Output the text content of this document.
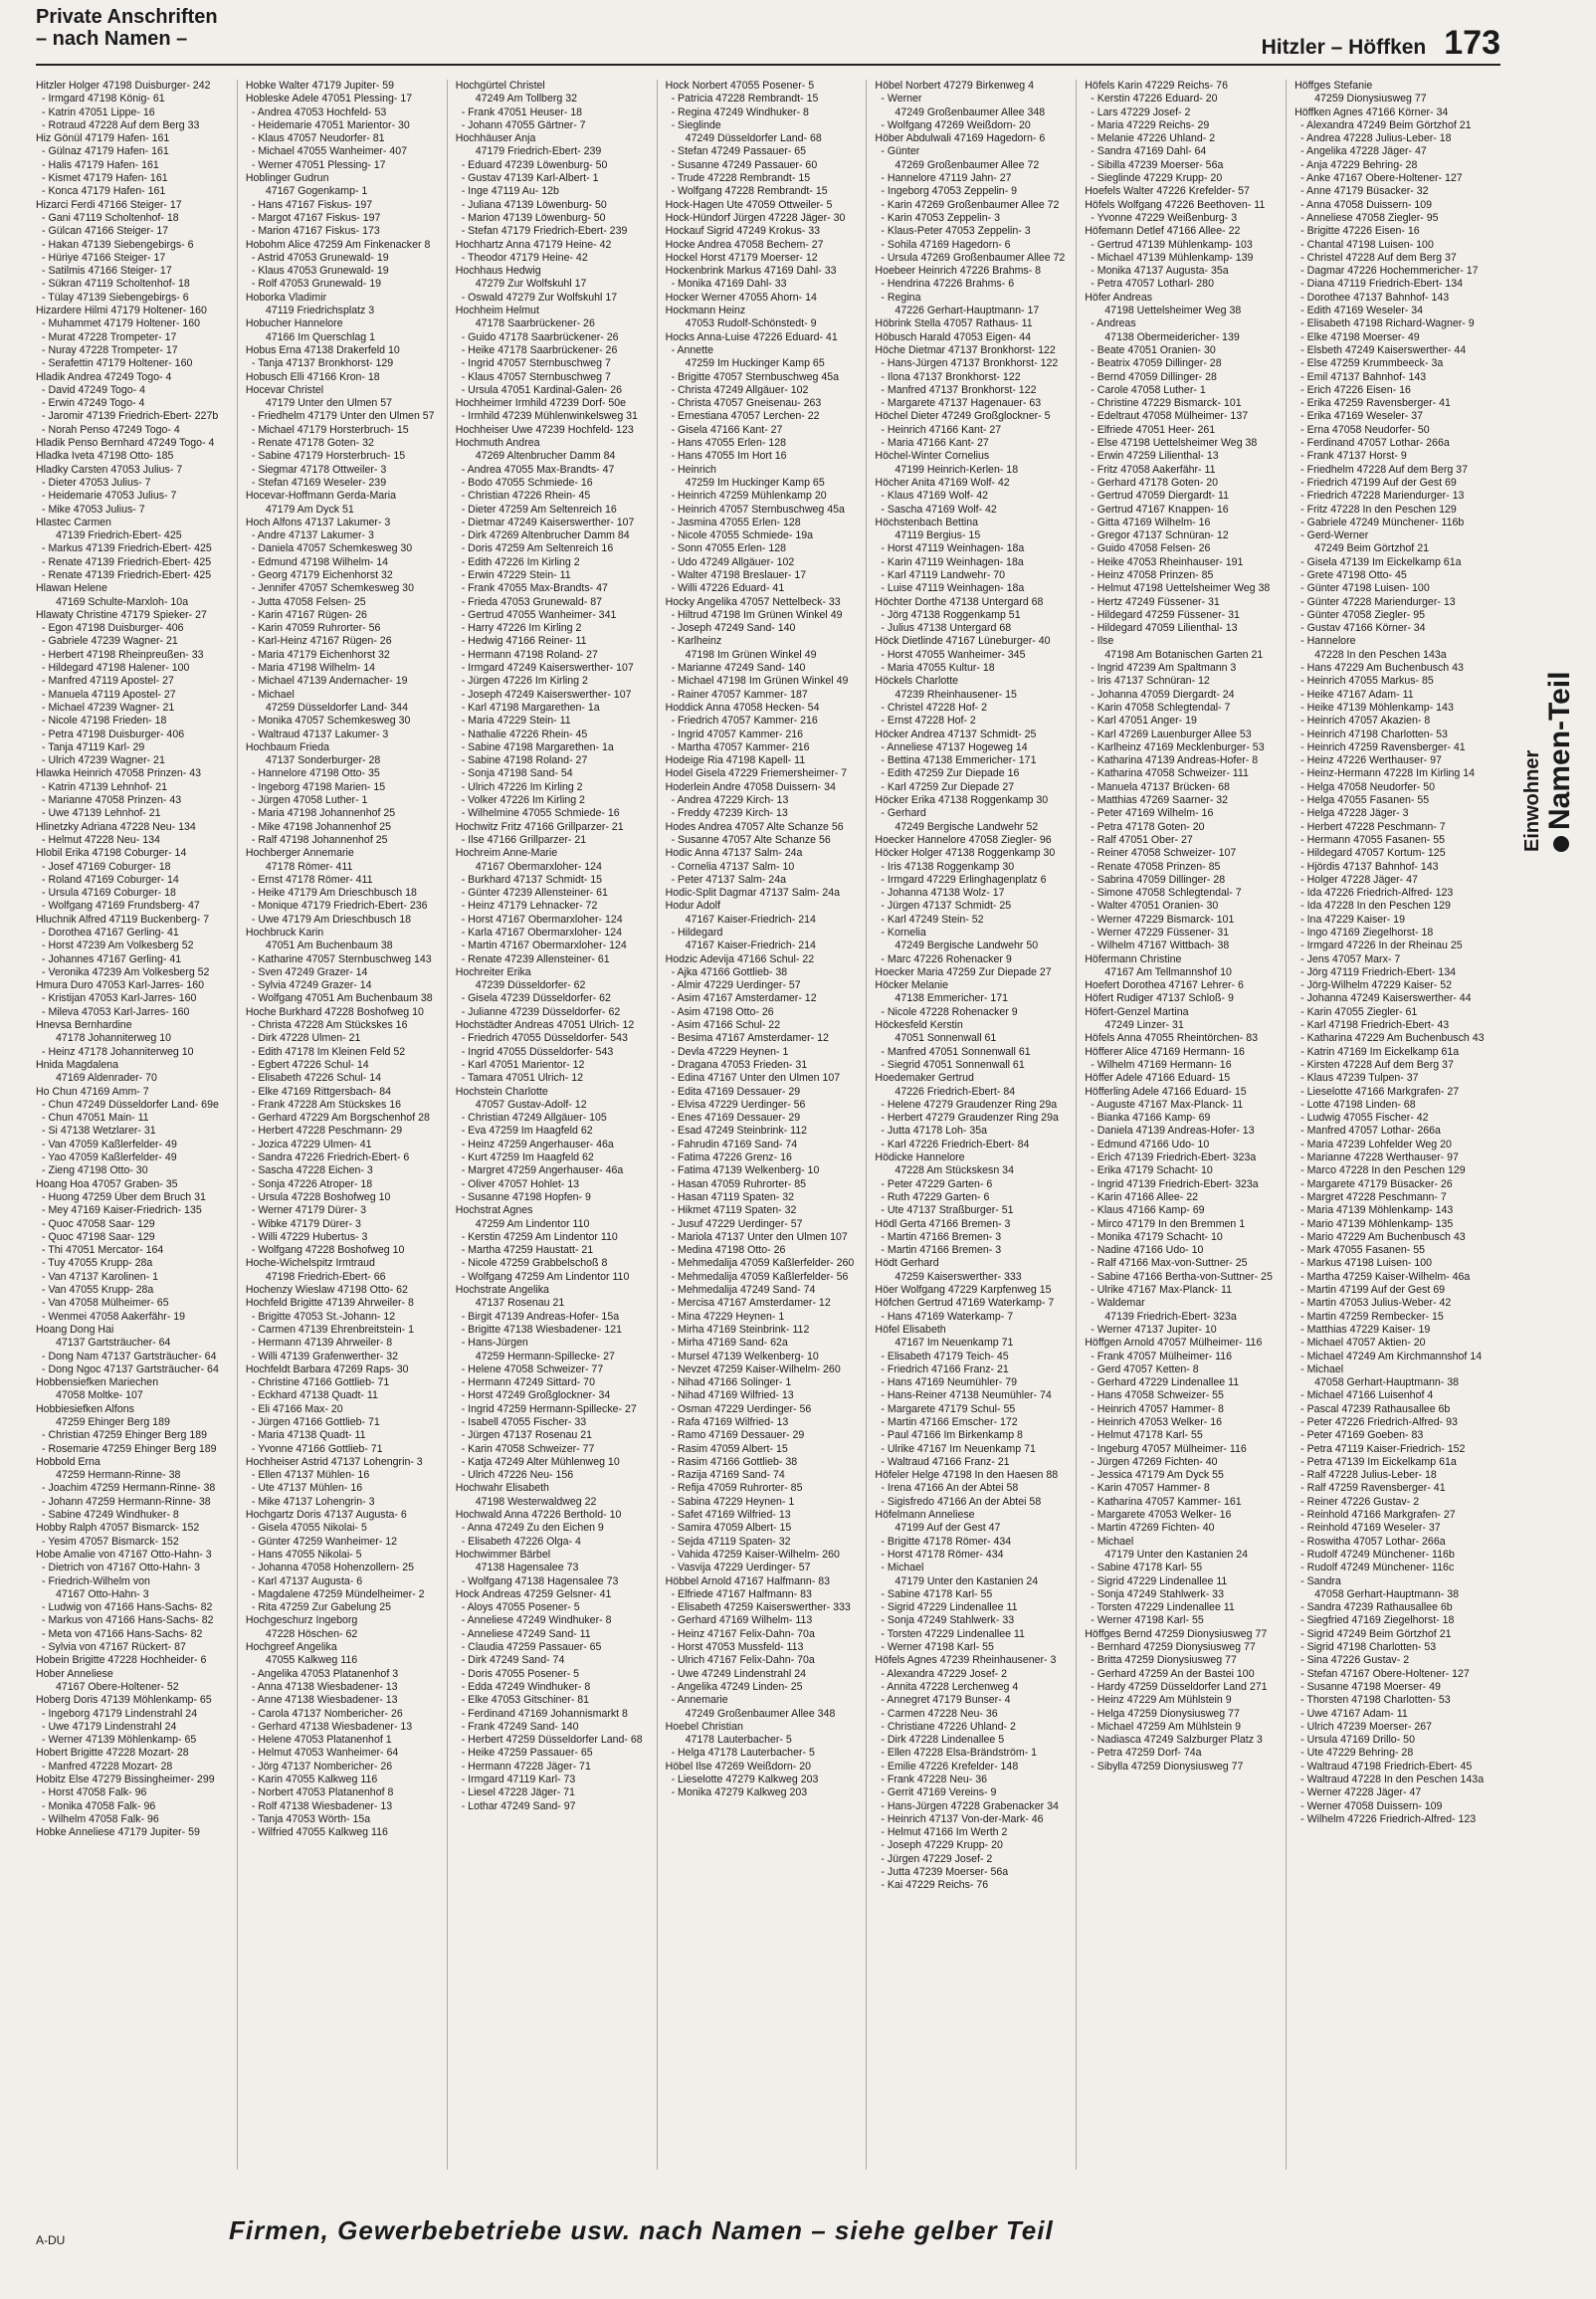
Private Anschriften
– nach Namen –	Hitzler – Höffken 173
Hitzler Holger 47198 Duisburger- 242
- Irmgard 47198 König- 61
- Katrin 47051 Lippe- 16
- Rotraud 47228 Auf dem Berg 33
Hiz Gönül 47179 Hafen- 161
- Gülnaz 47179 Hafen- 161
- Halis 47179 Hafen- 161
- Kismet 47179 Hafen- 161
- Konca 47179 Hafen- 161
Hizarci Ferdi 47166 Steiger- 17
- Gani 47119 Scholtenhof- 18
- Gülcan 47166 Steiger- 17
- Hakan 47139 Siebengebirgs- 6
- Hüriye 47166 Steiger- 17
- Satilmis 47166 Steiger- 17
- Sükran 47119 Scholtenhof- 18
- Tülay 47139 Siebengebirgs- 6
Hizardere Hilmi 47179 Holtener- 160
- Muhammet 47179 Holtener- 160
- Murat 47228 Trompeter- 17
- Nuray 47228 Trompeter- 17
- Serafettin 47179 Holtener- 160
Hladik Andrea 47249 Togo- 4
- David 47249 Togo- 4
- Erwin 47249 Togo- 4
- Jaromir 47139 Friedrich-Ebert- 227b
- Norah Penso 47249 Togo- 4
Hladik Penso Bernhard 47249 Togo- 4
Hladka Iveta 47198 Otto- 185
Hladky Carsten 47053 Julius- 7
- Dieter 47053 Julius- 7
- Heidemarie 47053 Julius- 7
- Mike 47053 Julius- 7
Hlastec Carmen
47139 Friedrich-Ebert- 425
- Markus 47139 Friedrich-Ebert- 425
- Renate 47139 Friedrich-Ebert- 425
- Renate 47139 Friedrich-Ebert- 425
Hlawan Helene
47169 Schulte-Marxloh- 10a
Hlawaty Christine 47179 Spieker- 27
- Egon 47198 Duisburger- 406
- Gabriele 47239 Wagner- 21
- Herbert 47198 Rheinpreußen- 33
- Hildegard 47198 Halener- 100
- Manfred 47119 Apostel- 27
- Manuela 47119 Apostel- 27
- Michael 47239 Wagner- 21
- Nicole 47198 Frieden- 18
- Petra 47198 Duisburger- 406
- Tanja 47119 Karl- 29
- Ulrich 47239 Wagner- 21
Hlawka Heinrich 47058 Prinzen- 43
- Katrin 47139 Lehnhof- 21
- Marianne 47058 Prinzen- 43
- Uwe 47139 Lehnhof- 21
Hlinetzky Adriana 47228 Neu- 134
- Helmut 47228 Neu- 134
Hlobil Erika 47198 Coburger- 14
- Josef 47169 Coburger- 18
- Roland 47169 Coburger- 14
- Ursula 47169 Coburger- 18
- Wolfgang 47169 Frundsberg- 47
Hluchnik Alfred 47119 Buckenberg- 7
- Dorothea 47167 Gerling- 41
- Horst 47239 Am Volkesberg 52
- Johannes 47167 Gerling- 41
- Veronika 47239 Am Volkesberg 52
Hmura Duro 47053 Karl-Jarres- 160
- Kristijan 47053 Karl-Jarres- 160
- Mileva 47053 Karl-Jarres- 160
Hnevsa Bernhardine
47178 Johanniterweg 10
- Heinz 47178 Johanniterweg 10
Hnida Magdalena
47169 Aldenrader- 70
Ho Chun 47169 Amm- 7
- Chun 47249 Düsseldorfer Land- 69e
- Chun 47051 Main- 11
- Si 47138 Wetzlarer- 31
- Van 47059 Kaßlerfelder- 49
- Yao 47059 Kaßlerfelder- 49
- Zieng 47198 Otto- 30
Hoang Hoa 47057 Graben- 35
- Huong 47259 Über dem Bruch 31
- Mey 47169 Kaiser-Friedrich- 135
- Quoc 47058 Saar- 129
- Quoc 47198 Saar- 129
- Thi 47051 Mercator- 164
- Tuy 47055 Krupp- 28a
- Van 47137 Karolinen- 1
- Van 47055 Krupp- 28a
- Van 47058 Mülheimer- 65
- Wenmei 47058 Aakerfähr- 19
Hoang Dong Hai
47137 Gartsträucher- 64
- Dong Nam 47137 Gartsträucher- 64
- Dong Ngoc 47137 Gartsträucher- 64
Hobbensiefken Mariechen
47058 Moltke- 107
Hobbiesiefken Alfons
47259 Ehinger Berg 189
- Christian 47259 Ehinger Berg 189
- Rosemarie 47259 Ehinger Berg 189
Hobbold Erna
47259 Hermann-Rinne- 38
- Joachim 47259 Hermann-Rinne- 38
- Johann 47259 Hermann-Rinne- 38
- Sabine 47249 Windhuker- 8
Hobby Ralph 47057 Bismarck- 152
- Yesim 47057 Bismarck- 152
Hobe Amalie von 47167 Otto-Hahn- 3
- Dietrich von 47167 Otto-Hahn- 3
- Friedrich-Wilhelm von
47167 Otto-Hahn- 3
- Ludwig von 47166 Hans-Sachs- 82
- Markus von 47166 Hans-Sachs- 82
- Meta von 47166 Hans-Sachs- 82
- Sylvia von 47167 Rückert- 87
Hobein Brigitte 47228 Hochheider- 6
Hober Anneliese
47167 Obere-Holtener- 52
Hoberg Doris 47139 Möhlenkamp- 65
- Ingeborg 47179 Lindenstrahl 24
- Uwe 47179 Lindenstrahl 24
- Werner 47139 Möhlenkamp- 65
Hobert Brigitte 47228 Mozart- 28
- Manfred 47228 Mozart- 28
Hobitz Else 47279 Bissingheimer- 299
- Horst 47058 Falk- 96
- Monika 47058 Falk- 96
- Wilhelm 47058 Falk- 96
Hobke Anneliese 47179 Jupiter- 59
Hobke Walter 47179 Jupiter- 59
Hobleske Adele 47051 Plessing- 17
- Andrea 47053 Hochfeld- 53
- Heidemarie 47051 Marientor- 30
- Klaus 47057 Neudorfer- 81
- Michael 47055 Wanheimer- 407
- Werner 47051 Plessing- 17
Hoblinger Gudrun
47167 Gogenkamp- 1
- Hans 47167 Fiskus- 197
- Margot 47167 Fiskus- 197
- Marion 47167 Fiskus- 173
Hobohm Alice 47259 Am Finkenacker 8
- Astrid 47053 Grunewald- 19
- Klaus 47053 Grunewald- 19
- Rolf 47053 Grunewald- 19
Hoborka Vladimir
47119 Friedrichsplatz 3
Hobucher Hannelore
47166 Im Querschlag 1
Hobus Erna 47138 Drakerfeld 10
- Tanja 47137 Bronkhorst- 129
Hobusch Elli 47166 Kron- 18
Hocevar Christel
47179 Unter den Ulmen 57
- Friedhelm 47179 Unter den Ulmen 57
- Michael 47179 Horsterbruch- 15
- Renate 47178 Goten- 32
- Sabine 47179 Horsterbruch- 15
- Siegmar 47178 Ottweiler- 3
- Stefan 47169 Weseler- 239
Hocevar-Hoffmann Gerda-Maria
47179 Am Dyck 51
Hoch Alfons 47137 Lakumer- 3
- Andre 47137 Lakumer- 3
- Daniela 47057 Schemkesweg 30
- Edmund 47198 Wilhelm- 14
- Georg 47179 Eichenhorst 32
- Jennifer 47057 Schemkesweg 30
- Jutta 47058 Felsen- 25
- Karin 47167 Rügen- 26
- Karin 47059 Ruhrorter- 56
- Karl-Heinz 47167 Rügen- 26
- Maria 47179 Eichenhorst 32
- Maria 47198 Wilhelm- 14
- Michael 47139 Andernacher- 19
- Michael
47259 Düsseldorfer Land- 344
- Monika 47057 Schemkesweg 30
- Waltraud 47137 Lakumer- 3
Hochbaum Frieda
47137 Sonderburger- 28
- Hannelore 47198 Otto- 35
- Ingeborg 47198 Marien- 15
- Jürgen 47058 Luther- 1
- Maria 47198 Johannenhof 25
- Mike 47198 Johannenhof 25
- Ralf 47198 Johannenhof 25
Hochberger Annemarie
47178 Römer- 411
- Ernst 47178 Römer- 411
- Heike 47179 Am Drieschbusch 18
- Monique 47179 Friedrich-Ebert- 236
- Uwe 47179 Am Drieschbusch 18
Hochbruck Karin
47051 Am Buchenbaum 38
- Katharine 47057 Sternbuschweg 143
- Sven 47249 Grazer- 14
- Sylvia 47249 Grazer- 14
- Wolfgang 47051 Am Buchenbaum 38
Hoche Burkhard 47228 Boshofweg 10
- Christa 47228 Am Stückskes 16
- Dirk 47228 Ulmen- 21
- Edith 47178 Im Kleinen Feld 52
- Egbert 47226 Schul- 14
- Elisabeth 47226 Schul- 14
- Elke 47169 Rittgersbach- 84
- Frank 47228 Am Stückskes 16
- Gerhard 47229 Am Borgschenhof 28
- Herbert 47228 Peschmann- 29
- Jozica 47229 Ulmen- 41
- Sandra 47226 Friedrich-Ebert- 6
- Sascha 47228 Eichen- 3
- Sonja 47226 Atroper- 18
- Ursula 47228 Boshofweg 10
- Werner 47179 Dürer- 3
- Wibke 47179 Dürer- 3
- Willi 47229 Hubertus- 3
- Wolfgang 47228 Boshofweg 10
Hoche-Wichelspitz Irmtraud
47198 Friedrich-Ebert- 66
Hochenzy Wieslaw 47198 Otto- 62
Hochfeld Brigitte 47139 Ahrweiler- 8
- Brigitte 47053 St.-Johann- 12
- Carmen 47139 Ehrenbreitstein- 1
- Hermann 47139 Ahrweiler- 8
- Willi 47139 Grafenwerther- 32
Hochfeldt Barbara 47269 Raps- 30
- Christine 47166 Gottlieb- 71
- Eckhard 47138 Quadt- 11
- Eli 47166 Max- 20
- Jürgen 47166 Gottlieb- 71
- Maria 47138 Quadt- 11
- Yvonne 47166 Gottlieb- 71
Hochheiser Astrid 47137 Lohengrin- 3
- Ellen 47137 Mühlen- 16
- Ute 47137 Mühlen- 16
- Mike 47137 Lohengrin- 3
Hochgartz Doris 47137 Augusta- 6
- Gisela 47055 Nikolai- 5
- Günter 47259 Wanheimer- 12
- Hans 47055 Nikolai- 5
- Johanna 47058 Hohenzollern- 25
- Karl 47137 Augusta- 6
- Magdalene 47259 Mündelheimer- 2
- Rita 47259 Zur Gabelung 25
Hochgeschurz Ingeborg
47228 Höschen- 62
Hochgreef Angelika
47055 Kalkweg 116
- Angelika 47053 Platanenhof 3
- Anna 47138 Wiesbadener- 13
- Anne 47138 Wiesbadener- 13
- Carola 47137 Nombericher- 26
- Gerhard 47138 Wiesbadener- 13
- Helene 47053 Platanenhof 1
- Helmut 47053 Wanheimer- 64
- Jörg 47137 Nombericher- 26
- Karin 47055 Kalkweg 116
- Norbert 47053 Platanenhof 8
- Rolf 47138 Wiesbadener- 13
- Tanja 47053 Wörth- 15a
- Wilfried 47055 Kalkweg 116
Hochgürtel Christel
47249 Am Tollberg 32
- Frank 47051 Heuser- 18
- Johann 47055 Gärtner- 7
Hochhäuser Anja
47179 Friedrich-Ebert- 239
- Eduard 47239 Löwenburg- 50
- Gustav 47139 Karl-Albert- 1
- Inge 47119 Au- 12b
- Juliana 47139 Löwenburg- 50
- Marion 47139 Löwenburg- 50
- Stefan 47179 Friedrich-Ebert- 239
Hochhartz Anna 47179 Heine- 42
- Theodor 47179 Heine- 42
Hochhaus Hedwig
47279 Zur Wolfskuhl 17
- Oswald 47279 Zur Wolfskuhl 17
Hochheim Helmut
47178 Saarbrückener- 26
- Guido 47178 Saarbrückener- 26
- Heike 47178 Saarbrückener- 26
- Ingrid 47057 Sternbuschweg 7
- Klaus 47057 Sternbuschweg 7
- Ursula 47051 Kardinal-Galen- 26
Hochheimer Irmhild 47239 Dorf- 50e
- Irmhild 47239 Mühlenwinkelsweg 31
Hochheiser Uwe 47239 Hochfeld- 123
Hochmuth Andrea
47269 Altenbrucher Damm 84
- Andrea 47055 Max-Brandts- 47
- Bodo 47055 Schmiede- 16
- Christian 47226 Rhein- 45
- Dieter 47259 Am Seltenreich 16
- Dietmar 47249 Kaiserswerther- 107
- Dirk 47269 Altenbrucher Damm 84
- Doris 47259 Am Seltenreich 16
- Edith 47226 Im Kirling 2
- Erwin 47229 Stein- 11
- Frank 47055 Max-Brandts- 47
- Frieda 47053 Grunewald- 87
- Gertrud 47055 Wanheimer- 341
- Harry 47226 Im Kirling 2
- Hedwig 47166 Reiner- 11
- Hermann 47198 Roland- 27
- Irmgard 47249 Kaiserswerther- 107
- Jürgen 47226 Im Kirling 2
- Joseph 47249 Kaiserswerther- 107
- Karl 47198 Margarethen- 1a
- Maria 47229 Stein- 11
- Nathalie 47226 Rhein- 45
- Sabine 47198 Margarethen- 1a
- Sabine 47198 Roland- 27
- Sonja 47198 Sand- 54
- Ulrich 47226 Im Kirling 2
- Volker 47226 Im Kirling 2
- Wilhelmine 47055 Schmiede- 16
Hochwitz Fritz 47166 Grillparzer- 21
- Ilse 47166 Grillparzer- 21
Hochreim Anne-Marie
47167 Obermarxloher- 124
- Burkhard 47137 Schmidt- 15
- Günter 47239 Allensteiner- 61
- Heinz 47179 Lehnacker- 72
- Horst 47167 Obermarxloher- 124
- Karla 47167 Obermarxloher- 124
- Martin 47167 Obermarxloher- 124
- Renate 47239 Allensteiner- 61
Hochreiter Erika
47239 Düsseldorfer- 62
- Gisela 47239 Düsseldorfer- 62
- Julianne 47239 Düsseldorfer- 62
Hochstädter Andreas 47051 Ulrich- 12
- Friedrich 47055 Düsseldorfer- 543
- Ingrid 47055 Düsseldorfer- 543
- Karl 47051 Marientor- 12
- Tamara 47051 Ulrich- 12
Hochstein Charlotte
47057 Gustav-Adolf- 12
- Christian 47249 Allgäuer- 105
- Eva 47259 Im Haagfeld 62
- Heinz 47259 Angerhauser- 46a
- Kurt 47259 Im Haagfeld 62
- Margret 47259 Angerhauser- 46a
- Oliver 47057 Hohlet- 13
- Susanne 47198 Hopfen- 9
Hochstrat Agnes
47259 Am Lindentor 110
- Kerstin 47259 Am Lindentor 110
- Martha 47259 Haustatt- 21
- Nicole 47259 Grabbelschoß 8
- Wolfgang 47259 Am Lindentor 110
Hochstrate Angelika
47137 Rosenau 21
- Birgit 47139 Andreas-Hofer- 15a
- Brigitte 47138 Wiesbadener- 121
- Hans-Jürgen
47259 Hermann-Spillecke- 27
- Helene 47058 Schweizer- 77
- Hermann 47249 Sittard- 70
- Horst 47249 Großglockner- 34
- Ingrid 47259 Hermann-Spillecke- 27
- Isabell 47055 Fischer- 33
- Jürgen 47137 Rosenau 21
- Karin 47058 Schweizer- 77
- Katja 47249 Alter Mühlenweg 10
- Ulrich 47226 Neu- 156
Hochwahr Elisabeth
47198 Westerwaldweg 22
Hochwald Anna 47226 Berthold- 10
- Anna 47249 Zu den Eichen 9
- Elisabeth 47226 Olga- 4
Hochwimmer Bärbel
47138 Hagensalee 73
- Wolfgang 47138 Hagensalee 73
Hock Andreas 47259 Gelsner- 41
- Aloys 47055 Posener- 5
- Anneliese 47249 Windhuker- 8
- Anneliese 47249 Sand- 11
- Claudia 47259 Passauer- 65
- Dirk 47249 Sand- 74
- Doris 47055 Posener- 5
- Edda 47249 Windhuker- 8
- Elke 47053 Gitschiner- 81
- Ferdinand 47169 Johannismarkt 8
- Frank 47249 Sand- 140
- Herbert 47259 Düsseldorfer Land- 68
- Heike 47259 Passauer- 65
- Hermann 47228 Jäger- 71
- Irmgard 47119 Karl- 73
- Liesel 47228 Jäger- 71
- Lothar 47249 Sand- 97
Hock Norbert 47055 Posener- 5
- Patricia 47228 Rembrandt- 15
- Regina 47249 Windhuker- 8
- Sieglinde
47249 Düsseldorfer Land- 68
- Stefan 47249 Passauer- 65
- Susanne 47249 Passauer- 60
- Trude 47228 Rembrandt- 15
- Wolfgang 47228 Rembrandt- 15
Hock-Hagen Ute 47059 Ottweiler- 5
Hock-Hündorf Jürgen 47228 Jäger- 30
Hockauf Sigrid 47249 Krokus- 33
Hocke Andrea 47058 Bechem- 27
Hockel Horst 47179 Moerser- 12
Hockenbrink Markus 47169 Dahl- 33
- Monika 47169 Dahl- 33
Hocker Werner 47055 Ahorn- 14
Hockmann Heinz
47053 Rudolf-Schönstedt- 9
Hocks Anna-Luise 47226 Eduard- 41
- Annette
47259 Im Huckinger Kamp 65
- Brigitte 47057 Sternbuschweg 45a
- Christa 47249 Allgäuer- 102
- Christa 47057 Gneisenau- 263
- Ernestiana 47057 Lerchen- 22
- Gisela 47166 Kant- 27
- Hans 47055 Erlen- 128
- Hans 47055 Im Hort 16
- Heinrich
47259 Im Huckinger Kamp 65
- Heinrich 47259 Mühlenkamp 20
- Heinrich 47057 Sternbuschweg 45a
- Jasmina 47055 Erlen- 128
- Nicole 47055 Schmiede- 19a
- Sonn 47055 Erlen- 128
- Udo 47249 Allgäuer- 102
- Walter 47198 Breslauer- 17
- Willi 47226 Eduard- 41
Hocky Angelika 47057 Nettelbeck- 33
- Hiltrud 47198 Im Grünen Winkel 49
- Joseph 47249 Sand- 140
- Karlheinz
47198 Im Grünen Winkel 49
- Marianne 47249 Sand- 140
- Michael 47198 Im Grünen Winkel 49
- Rainer 47057 Kammer- 187
Hoddick Anna 47058 Hecken- 54
- Friedrich 47057 Kammer- 216
- Ingrid 47057 Kammer- 216
- Martha 47057 Kammer- 216
Hodeige Ria 47198 Kapell- 11
Hodel Gisela 47229 Friemersheimer- 7
Hoderlein Andre 47058 Duissern- 34
- Andrea 47229 Kirch- 13
- Freddy 47239 Kirch- 13
Hodes Andrea 47057 Alte Schanze 56
- Susanne 47057 Alte Schanze 56
Hodic Anna 47137 Salm- 24a
- Cornelia 47137 Salm- 10
- Peter 47137 Salm- 24a
Hodic-Split Dagmar 47137 Salm- 24a
Hodur Adolf
47167 Kaiser-Friedrich- 214
- Hildegard
47167 Kaiser-Friedrich- 214
Hodzic Adevija 47166 Schul- 22
- Ajka 47166 Gottlieb- 38
- Almir 47229 Uerdinger- 57
- Asim 47167 Amsterdamer- 12
- Asim 47198 Otto- 26
- Asim 47166 Schul- 22
- Besima 47167 Amsterdamer- 12
- Devla 47229 Heynen- 1
- Dragana 47053 Frieden- 31
- Edina 47167 Unter den Ulmen 107
- Edita 47169 Dessauer- 29
- Elvisa 47229 Uerdinger- 56
- Enes 47169 Dessauer- 29
- Esad 47249 Steinbrink- 112
- Fahrudin 47169 Sand- 74
- Fatima 47226 Grenz- 16
- Fatima 47139 Welkenberg- 10
- Hasan 47059 Ruhrorter- 85
- Hasan 47119 Spaten- 32
- Hikmet 47119 Spaten- 32
- Jusuf 47229 Uerdinger- 57
- Mariola 47137 Unter den Ulmen 107
- Medina 47198 Otto- 26
- Mehmedalija 47059 Kaßlerfelder- 260
- Mehmedalija 47059 Kaßlerfelder- 56
- Mehmedalija 47249 Sand- 74
- Mercisa 47167 Amsterdamer- 12
- Mina 47229 Heynen- 1
- Mirha 47169 Steinbrink- 112
- Mirha 47169 Sand- 62a
- Mursel 47139 Welkenberg- 10
- Nevzet 47259 Kaiser-Wilhelm- 260
- Nihad 47166 Solinger- 1
- Nihad 47169 Wilfried- 13
- Osman 47229 Uerdinger- 56
- Rafa 47169 Wilfried- 13
- Ramo 47169 Dessauer- 29
- Rasim 47059 Albert- 15
- Rasim 47166 Gottlieb- 38
- Razija 47169 Sand- 74
- Refija 47059 Ruhrorter- 85
- Sabina 47229 Heynen- 1
- Safet 47169 Wilfried- 13
- Samira 47059 Albert- 15
- Sejda 47119 Spaten- 32
- Vahida 47259 Kaiser-Wilhelm- 260
- Vasvija 47229 Uerdinger- 57
Höbbel Arnold 47167 Halfmann- 83
- Elfriede 47167 Halfmann- 83
- Elisabeth 47259 Kaiserswerther- 333
- Gerhard 47169 Wilhelm- 113
- Heinz 47167 Felix-Dahn- 70a
- Horst 47053 Mussfeld- 113
- Ulrich 47167 Felix-Dahn- 70a
- Uwe 47249 Lindenstrahl 24
- Angelika 47249 Linden- 25
- Annemarie
47249 Großenbaumer Allee 348
Hoebel Christian
47178 Lauterbacher- 5
- Helga 47178 Lauterbacher- 5
Höbel Ilse 47269 Weißdorn- 20
- Lieselotte 47279 Kalkweg 203
- Monika 47279 Kalkweg 203
Höbel Norbert 47279 Birkenweg 4
- Werner
47249 Großenbaumer Allee 348
- Wolfgang 47269 Weißdorn- 20
Höber Abdulwali 47169 Hagedorn- 6
- Günter
47269 Großenbaumer Allee 72
- Hannelore 47119 Jahn- 27
- Ingeborg 47053 Zeppelin- 9
- Karin 47269 Großenbaumer Allee 72
- Karin 47053 Zeppelin- 3
- Klaus-Peter 47053 Zeppelin- 3
- Sohila 47169 Hagedorn- 6
- Ursula 47269 Großenbaumer Allee 72
Hoebeer Heinrich 47226 Brahms- 8
- Hendrina 47226 Brahms- 6
- Regina
47226 Gerhart-Hauptmann- 17
Höbrink Stella 47057 Rathaus- 11
Höbusch Harald 47053 Eigen- 44
Höche Dietmar 47137 Bronkhorst- 122
- Hans-Jürgen 47137 Bronkhorst- 122
- Ilona 47137 Bronkhorst- 122
- Manfred 47137 Bronkhorst- 122
- Margarete 47137 Hagenauer- 63
Höchel Dieter 47249 Großglockner- 5
- Heinrich 47166 Kant- 27
- Maria 47166 Kant- 27
Höchel-Winter Cornelius
47199 Heinrich-Kerlen- 18
Höcher Anita 47169 Wolf- 42
- Klaus 47169 Wolf- 42
- Sascha 47169 Wolf- 42
Höchstenbach Bettina
47119 Bergius- 15
- Horst 47119 Weinhagen- 18a
- Karin 47119 Weinhagen- 18a
- Karl 47119 Landwehr- 70
- Luise 47119 Weinhagen- 18a
Höchter Dorthe 47138 Untergard 68
- Jörg 47138 Roggenkamp 51
- Julius 47138 Untergard 68
Höck Dietlinde 47167 Lüneburger- 40
- Horst 47055 Wanheimer- 345
- Maria 47055 Kultur- 18
Höckels Charlotte
47239 Rheinhausener- 15
- Christel 47228 Hof- 2
- Ernst 47228 Hof- 2
Höcker Andrea 47137 Schmidt- 25
- Anneliese 47137 Hogeweg 14
- Bettina 47138 Emmericher- 171
- Edith 47259 Zur Diepade 16
- Karl 47259 Zur Diepade 27
Höcker Erika 47138 Roggenkamp 30
- Gerhard
47249 Bergische Landwehr 52
Hoecker Hannelore 47058 Ziegler- 96
Höcker Holger 47138 Roggenkamp 30
- Iris 47138 Roggenkamp 30
- Irmgard 47229 Erlinghagenplatz 6
- Johanna 47138 Wolz- 17
- Jürgen 47137 Schmidt- 25
- Karl 47249 Stein- 52
- Kornelia
47249 Bergische Landwehr 50
- Marc 47226 Rohenacker 9
Hoecker Maria 47259 Zur Diepade 27
Höcker Melanie
47138 Emmericher- 171
- Nicole 47228 Rohenacker 9
Höckesfeld Kerstin
47051 Sonnenwall 61
- Manfred 47051 Sonnenwall 61
- Siegrid 47051 Sonnenwall 61
Hoedemaker Gertrud
47226 Friedrich-Ebert- 84
- Helene 47279 Graudenzer Ring 29a
- Herbert 47279 Graudenzer Ring 29a
- Jutta 47178 Loh- 35a
- Karl 47226 Friedrich-Ebert- 84
Hödicke Hannelore
47228 Am Stückskesn 34
- Peter 47229 Garten- 6
- Ruth 47229 Garten- 6
- Ute 47137 Straßburger- 51
Hödl Gerta 47166 Bremen- 3
- Martin 47166 Bremen- 3
- Martin 47166 Bremen- 3
Hödt Gerhard
47259 Kaiserswerther- 333
Höer Wolfgang 47229 Karpfenweg 15
Höfchen Gertrud 47169 Waterkamp- 7
- Hans 47169 Waterkamp- 7
Höfel Elisabeth
47167 Im Neuenkamp 71
- Elisabeth 47179 Teich- 45
- Friedrich 47166 Franz- 21
- Hans 47169 Neumühler- 79
- Hans-Reiner 47138 Neumühler- 74
- Margarete 47179 Schul- 55
- Martin 47166 Emscher- 172
- Paul 47166 Im Birkenkamp 8
- Ulrike 47167 Im Neuenkamp 71
- Waltraud 47166 Franz- 21
Höfeler Helge 47198 In den Haesen 88
- Irena 47166 An der Abtei 58
- Sigisfredo 47166 An der Abtei 58
Höfelmann Anneliese
47199 Auf der Gest 47
- Brigitte 47178 Römer- 434
- Horst 47178 Römer- 434
- Michael
47179 Unter den Kastanien 24
- Sabine 47178 Karl- 55
- Sigrid 47229 Lindenallee 11
- Sonja 47249 Stahlwerk- 33
- Torsten 47229 Lindenallee 11
- Werner 47198 Karl- 55
Höfels Agnes 47239 Rheinhausener- 3
- Alexandra 47229 Josef- 2
- Annita 47228 Lerchenweg 4
- Annegret 47179 Bunser- 4
- Carmen 47228 Neu- 36
- Christiane 47226 Uhland- 2
- Dirk 47228 Lindenallee 5
- Ellen 47228 Elsa-Brändström- 1
- Emilie 47226 Krefelder- 148
- Frank 47228 Neu- 36
- Gerrit 47169 Vereins- 9
- Hans-Jürgen 47228 Grabenacker 34
- Heinrich 47137 Von-der-Mark- 46
- Helmut 47166 Im Werth 2
- Joseph 47229 Krupp- 20
- Jürgen 47229 Josef- 2
- Jutta 47239 Moerser- 56a
- Kai 47229 Reichs- 76
Höfels Karin 47229 Reichs- 76
- Kerstin 47226 Eduard- 20
- Lars 47229 Josef- 2
- Maria 47229 Reichs- 29
- Melanie 47226 Uhland- 2
- Sandra 47169 Dahl- 64
- Sibilla 47239 Moerser- 56a
- Sieglinde 47229 Krupp- 20
Hoefels Walter 47226 Krefelder- 57
Höfels Wolfgang 47226 Beethoven- 11
- Yvonne 47229 Weißenburg- 3
Höfemann Detlef 47166 Allee- 22
- Gertrud 47139 Mühlenkamp- 103
- Michael 47139 Mühlenkamp- 139
- Monika 47137 Augusta- 35a
- Petra 47057 Lotharl- 280
Höfer Andreas
47198 Uettelsheimer Weg 38
- Andreas
47138 Obermeidericher- 139
- Beate 47051 Oranien- 30
- Beatrix 47059 Dillinger- 28
- Bernd 47059 Dillinger- 28
- Carole 47058 Luther- 1
- Christine 47229 Bismarck- 101
- Edeltraut 47058 Mülheimer- 137
- Elfriede 47051 Heer- 261
- Else 47198 Uettelsheimer Weg 38
- Erwin 47259 Lilienthal- 13
- Fritz 47058 Aakerfähr- 11
- Gerhard 47178 Goten- 20
- Gertrud 47059 Diergardt- 11
- Gertrud 47167 Knappen- 16
- Gitta 47169 Wilhelm- 16
- Gregor 47137 Schnüran- 12
- Guido 47058 Felsen- 26
- Heike 47053 Rheinhauser- 191
- Heinz 47058 Prinzen- 85
- Helmut 47198 Uettelsheimer Weg 38
- Hertz 47249 Füssener- 31
- Hildegard 47259 Füssener- 31
- Hildegard 47059 Lilienthal- 13
- Ilse
47198 Am Botanischen Garten 21
- Ingrid 47239 Am Spaltmann 3
- Iris 47137 Schnüran- 12
- Johanna 47059 Diergardt- 24
- Karin 47058 Schlegtendal- 7
- Karl 47051 Anger- 19
- Karl 47269 Lauenburger Allee 53
- Karlheinz 47169 Mecklenburger- 53
- Katharina 47139 Andreas-Hofer- 8
- Katharina 47058 Schweizer- 111
- Manuela 47137 Brücken- 68
- Matthias 47269 Saarner- 32
- Peter 47169 Wilhelm- 16
- Petra 47178 Goten- 20
- Ralf 47051 Ober- 27
- Reiner 47058 Schweizer- 107
- Renate 47058 Prinzen- 85
- Sabrina 47059 Dillinger- 28
- Simone 47058 Schlegtendal- 7
- Walter 47051 Oranien- 30
- Werner 47229 Bismarck- 101
- Werner 47229 Füssener- 31
- Wilhelm 47167 Wittbach- 38
Höfermann Christine
47167 Am Tellmannshof 10
Hoefert Dorothea 47167 Lehrer- 6
Höfert Rudiger 47137 Schloß- 9
Höfert-Genzel Martina
47249 Linzer- 31
Höfels Anna 47055 Rheintörchen- 83
Höfferer Alice 47169 Hermann- 16
- Wilhelm 47169 Hermann- 16
Höffer Adele 47166 Eduard- 15
Höfferling Adele 47166 Eduard- 15
- Auguste 47167 Max-Planck- 11
- Bianka 47166 Kamp- 69
- Daniela 47139 Andreas-Hofer- 13
- Edmund 47166 Udo- 10
- Erich 47139 Friedrich-Ebert- 323a
- Erika 47179 Schacht- 10
- Ingrid 47139 Friedrich-Ebert- 323a
- Karin 47166 Allee- 22
- Klaus 47166 Kamp- 69
- Mirco 47179 In den Bremmen 1
- Monika 47179 Schacht- 10
- Nadine 47166 Udo- 10
- Ralf 47166 Max-von-Suttner- 25
- Sabine 47166 Bertha-von-Suttner- 25
- Ulrike 47167 Max-Planck- 11
- Waldemar
47139 Friedrich-Ebert- 323a
- Werner 47137 Jupiter- 10
Höffgen Arnold 47057 Mülheimer- 116
- Frank 47057 Mülheimer- 116
- Gerd 47057 Ketten- 8
- Gerhard 47229 Lindenallee 11
- Hans 47058 Schweizer- 55
- Heinrich 47057 Hammer- 8
- Heinrich 47053 Welker- 16
- Helmut 47178 Karl- 55
- Ingeburg 47057 Mülheimer- 116
- Jürgen 47269 Fichten- 40
- Jessica 47179 Am Dyck 55
- Karin 47057 Hammer- 8
- Katharina 47057 Kammer- 161
- Margarete 47053 Welker- 16
- Martin 47269 Fichten- 40
- Michael
47179 Unter den Kastanien 24
- Sabine 47178 Karl- 55
- Sigrid 47229 Lindenallee 11
- Sonja 47249 Stahlwerk- 33
- Torsten 47229 Lindenallee 11
- Werner 47198 Karl- 55
Höffges Bernd 47259 Dionysiusweg 77
- Bernhard 47259 Dionysiusweg 77
- Britta 47259 Dionysiusweg 77
- Gerhard 47259 An der Bastei 100
- Hardy 47259 Düsseldorfer Land 271
- Heinz 47229 Am Mühlstein 9
- Helga 47259 Dionysiusweg 77
- Michael 47259 Am Mühlstein 9
- Nadiasca 47249 Salzburger Platz 3
- Petra 47259 Dorf- 74a
- Sibylla 47259 Dionysiusweg 77
Höffges Stefanie
47259 Dionysiusweg 77
Höffken Agnes 47166 Körner- 34
- Alexandra 47249 Beim Görtzhof 21
- Andrea 47228 Julius-Leber- 18
- Angelika 47228 Jäger- 47
- Anja 47229 Behring- 28
- Anke 47167 Obere-Holtener- 127
- Anne 47179 Büsacker- 32
- Anna 47058 Duissern- 109
- Anneliese 47058 Ziegler- 95
- Brigitte 47226 Eisen- 16
- Chantal 47198 Luisen- 100
- Christel 47228 Auf dem Berg 37
- Dagmar 47226 Hochemmericher- 17
- Diana 47119 Friedrich-Ebert- 134
- Dorothee 47137 Bahnhof- 143
- Edith 47169 Weseler- 34
- Elisabeth 47198 Richard-Wagner- 9
- Elke 47198 Moerser- 49
- Elsbeth 47249 Kaiserswerther- 44
- Else 47259 Krummbeeck- 3a
- Emil 47137 Bahnhof- 143
- Erich 47226 Eisen- 16
- Erika 47259 Ravensberger- 41
- Erika 47169 Weseler- 37
- Erna 47058 Neudorfer- 50
- Ferdinand 47057 Lothar- 266a
- Frank 47137 Horst- 9
- Friedhelm 47228 Auf dem Berg 37
- Friedrich 47199 Auf der Gest 69
- Friedrich 47228 Mariendurger- 13
- Fritz 47228 In den Peschen 129
- Gabriele 47249 Münchener- 116b
- Gerd-Werner
47249 Beim Görtzhof 21
- Gisela 47139 Im Eickelkamp 61a
- Grete 47198 Otto- 45
- Günter 47198 Luisen- 100
- Günter 47228 Mariendurger- 13
- Günter 47058 Ziegler- 95
- Gustav 47166 Körner- 34
- Hannelore
47228 In den Peschen 143a
- Hans 47229 Am Buchenbusch 43
- Heinrich 47055 Markus- 85
- Heike 47167 Adam- 11
- Heike 47139 Möhlenkamp- 143
- Heinrich 47057 Akazien- 8
- Heinrich 47198 Charlotten- 53
- Heinrich 47259 Ravensberger- 41
- Heinz 47226 Werthauser- 97
- Heinz-Hermann 47228 Im Kirling 14
- Helga 47058 Neudorfer- 50
- Helga 47055 Fasanen- 55
- Helga 47228 Jäger- 3
- Herbert 47228 Peschmann- 7
- Hermann 47055 Fasanen- 55
- Hildegard 47057 Kortum- 125
- Hjördis 47137 Bahnhof- 143
- Holger 47228 Jäger- 47
- Ida 47226 Friedrich-Alfred- 123
- Ida 47228 In den Peschen 129
- Ina 47229 Kaiser- 19
- Ingo 47169 Ziegelhorst- 18
- Irmgard 47226 In der Rheinau 25
- Jens 47057 Marx- 7
- Jörg 47119 Friedrich-Ebert- 134
- Jörg-Wilhelm 47229 Kaiser- 52
- Johanna 47249 Kaiserswerther- 44
- Karin 47055 Ziegler- 61
- Karl 47198 Friedrich-Ebert- 43
- Katharina 47229 Am Buchenbusch 43
- Katrin 47169 Im Eickelkamp 61a
- Kirsten 47228 Auf dem Berg 37
- Klaus 47239 Tulpen- 37
- Lieselotte 47166 Markgrafen- 27
- Lotte 47198 Linden- 68
- Ludwig 47055 Fischer- 42
- Manfred 47057 Lothar- 266a
- Maria 47239 Lohfelder Weg 20
- Marianne 47228 Werthauser- 97
- Marco 47228 In den Peschen 129
- Margarete 47179 Büsacker- 26
- Margret 47228 Peschmann- 7
- Maria 47139 Möhlenkamp- 143
- Mario 47139 Möhlenkamp- 135
- Mario 47229 Am Buchenbusch 43
- Mark 47055 Fasanen- 55
- Markus 47198 Luisen- 100
- Martha 47259 Kaiser-Wilhelm- 46a
- Martin 47199 Auf der Gest 69
- Martin 47053 Julius-Weber- 42
- Martin 47259 Rembecker- 15
- Matthias 47229 Kaiser- 19
- Michael 47057 Aktien- 20
- Michael 47249 Am Kirchmannshof 14
- Michael
47058 Gerhart-Hauptmann- 38
- Michael 47166 Luisenhof 4
- Pascal 47239 Rathausallee 6b
- Peter 47226 Friedrich-Alfred- 93
- Peter 47169 Goeben- 83
- Petra 47119 Kaiser-Friedrich- 152
- Petra 47139 Im Eickelkamp 61a
- Ralf 47228 Julius-Leber- 18
- Ralf 47259 Ravensberger- 41
- Reiner 47226 Gustav- 2
- Reinhold 47166 Markgrafen- 27
- Reinhold 47169 Weseler- 37
- Roswitha 47057 Lothar- 266a
- Rudolf 47249 Münchener- 116b
- Rudolf 47249 Münchener- 116c
- Sandra
47058 Gerhart-Hauptmann- 38
- Sandra 47239 Rathausallee 6b
- Siegfried 47169 Ziegelhorst- 18
- Sigrid 47249 Beim Görtzhof 21
- Sigrid 47198 Charlotten- 53
- Sina 47226 Gustav- 2
- Stefan 47167 Obere-Holtener- 127
- Susanne 47198 Moerser- 49
- Thorsten 47198 Charlotten- 53
- Uwe 47167 Adam- 11
- Ulrich 47239 Moerser- 267
- Ursula 47169 Drillo- 50
- Ute 47229 Behring- 28
- Waltraud 47198 Friedrich-Ebert- 45
- Waltraud 47228 In den Peschen 143a
- Werner 47228 Jäger- 47
- Werner 47058 Duissern- 109
- Wilhelm 47226 Friedrich-Alfred- 123
Einwohner Namen-Teil
A-DU	Firmen, Gewerbebetriebe usw. nach Namen – siehe gelber Teil
